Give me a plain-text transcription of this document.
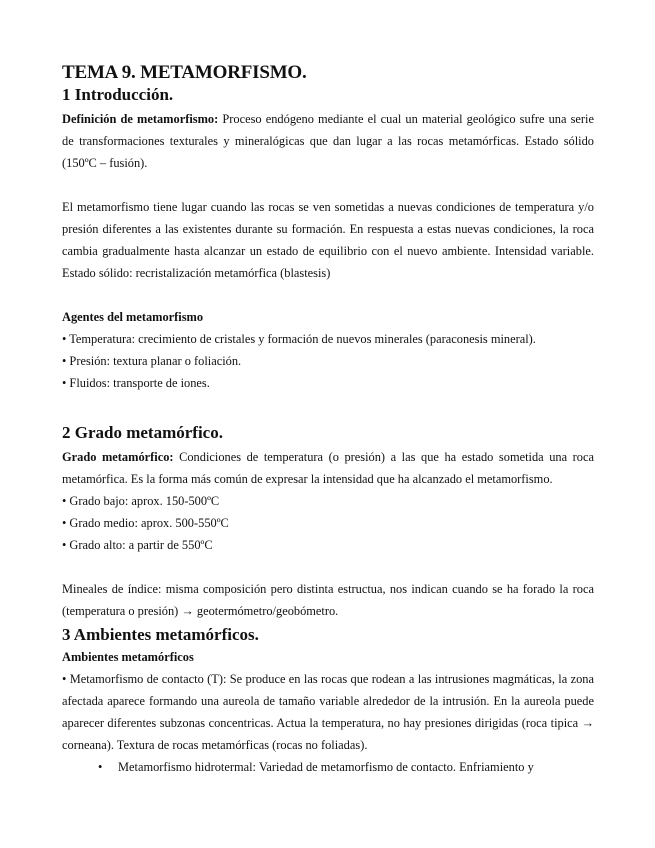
TEMA 9. METAMORFISMO.
1 Introducción.

Definición de metamorfismo: Proceso endógeno mediante el cual un material geológico sufre una serie de transformaciones texturales y mineralógicas que dan lugar a las rocas metamórficas. Estado sólido (150ºC – fusión).

El metamorfismo tiene lugar cuando las rocas se ven sometidas a nuevas condiciones de temperatura y/o presión diferentes a las existentes durante su formación. En respuesta a estas nuevas condiciones, la roca cambia gradualmente hasta alcanzar un estado de equilibrio con el nuevo ambiente. Intensidad variable. Estado sólido: recristalización metamórfica (blastesis)

Agentes del metamorfismo
• Temperatura: crecimiento de cristales y formación de nuevos minerales (paraconesis mineral).
• Presión: textura planar o foliación.
• Fluidos: transporte de iones.
2 Grado metamórfico.

Grado metamórfico: Condiciones de temperatura (o presión) a las que ha estado sometida una roca metamórfica. Es la forma más común de expresar la intensidad que ha alcanzado el metamorfismo.

• Grado bajo: aprox. 150-500ºC
• Grado medio: aprox. 500-550ºC
• Grado alto: a partir de 550ºC

Mineales de índice: misma composición pero distinta estructua, nos indican cuando se ha forado la roca (temperatura o presión) → geotermómetro/geobómetro.

3 Ambientes metamórficos.
Ambientes metamórficos

• Metamorfismo de contacto (T): Se produce en las rocas que rodean a las intrusiones magmáticas, la zona afectada aparece formando una aureola de tamaño variable alrededor de la intrusión. En la aureola puede aparecer diferentes subzonas concentricas. Actua la temperatura, no hay presiones dirigidas (roca tipica → corneana). Textura de rocas metamórficas (rocas no foliadas).

• Metamorfismo hidrotermal: Variedad de metamorfismo de contacto. Enfriamiento y
